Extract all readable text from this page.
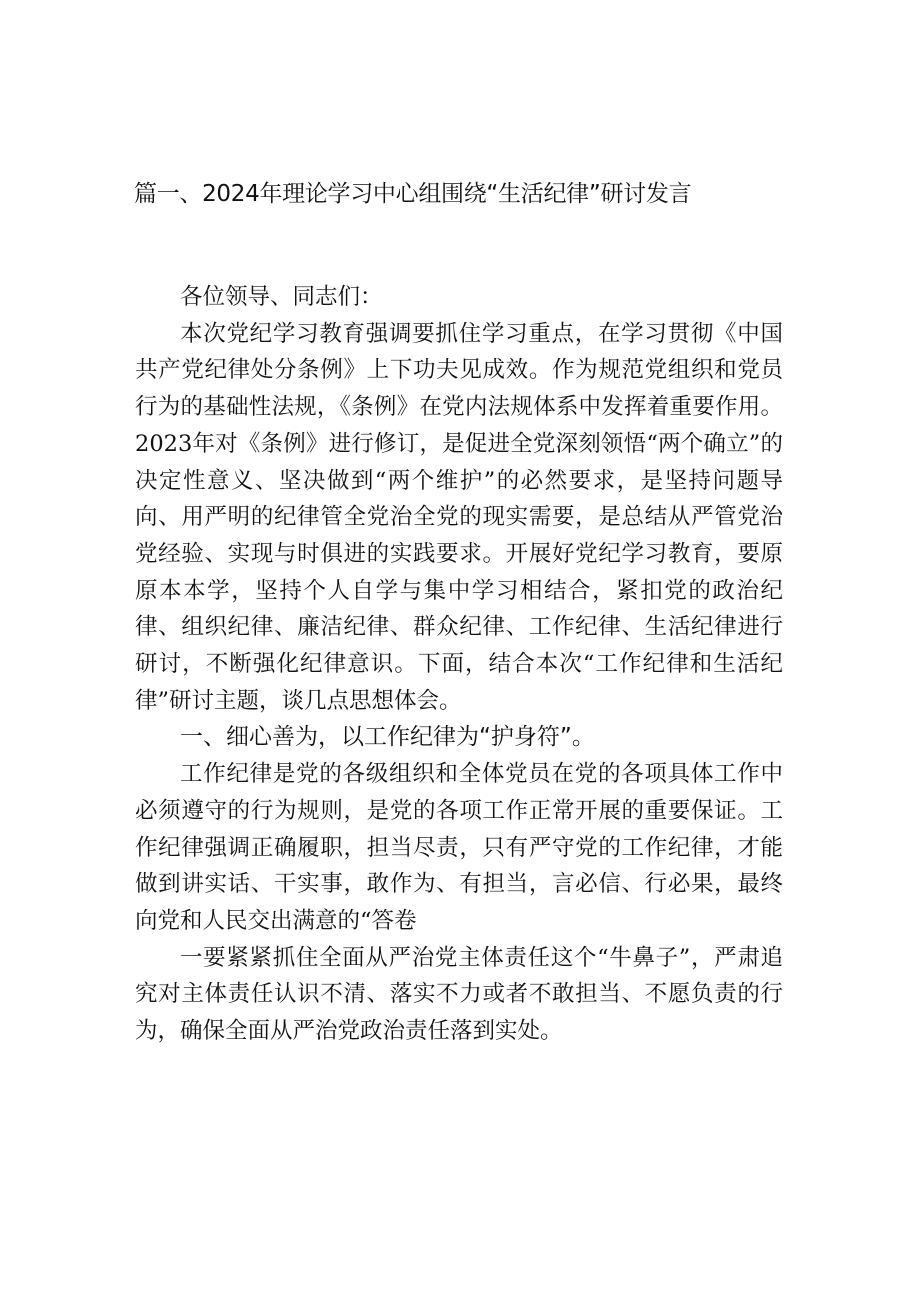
篇一、2024年理论学习中心组围绕“生活纪律”研讨发言

各位领导、同志们：

本次党纪学习教育强调要抓住学习重点，在学习贯彻《中国共产党纪律处分条例》上下功夫见成效。作为规范党组织和党员行为的基础性法规，《条例》在党内法规体系中发挥着重要作用。2023年对《条例》进行修订，是促进全党深刻领悟“两个确立”的决定性意义、坚决做到“两个维护”的必然要求，是坚持问题导向、用严明的纪律管全党治全党的现实需要，是总结从严管党治党经验、实现与时俱进的实践要求。开展好党纪学习教育，要原原本本学，坚持个人自学与集中学习相结合，紧扣党的政治纪律、组织纪律、廉洁纪律、群众纪律、工作纪律、生活纪律进行研讨，不断强化纪律意识。下面，结合本次“工作纪律和生活纪律”研讨主题，谈几点思想体会。

一、细心善为，以工作纪律为“护身符”。

工作纪律是党的各级组织和全体党员在党的各项具体工作中必须遵守的行为规则，是党的各项工作正常开展的重要保证。工作纪律强调正确履职，担当尽责，只有严守党的工作纪律，才能做到讲实话、干实事，敢作为、有担当，言必信、行必果，最终向党和人民交出满意的“答卷

一要紧紧抓住全面从严治党主体责任这个“牛鼻子”，严肃追究对主体责任认识不清、落实不力或者不敢担当、不愿负责的行为，确保全面从严治党政治责任落到实处。
